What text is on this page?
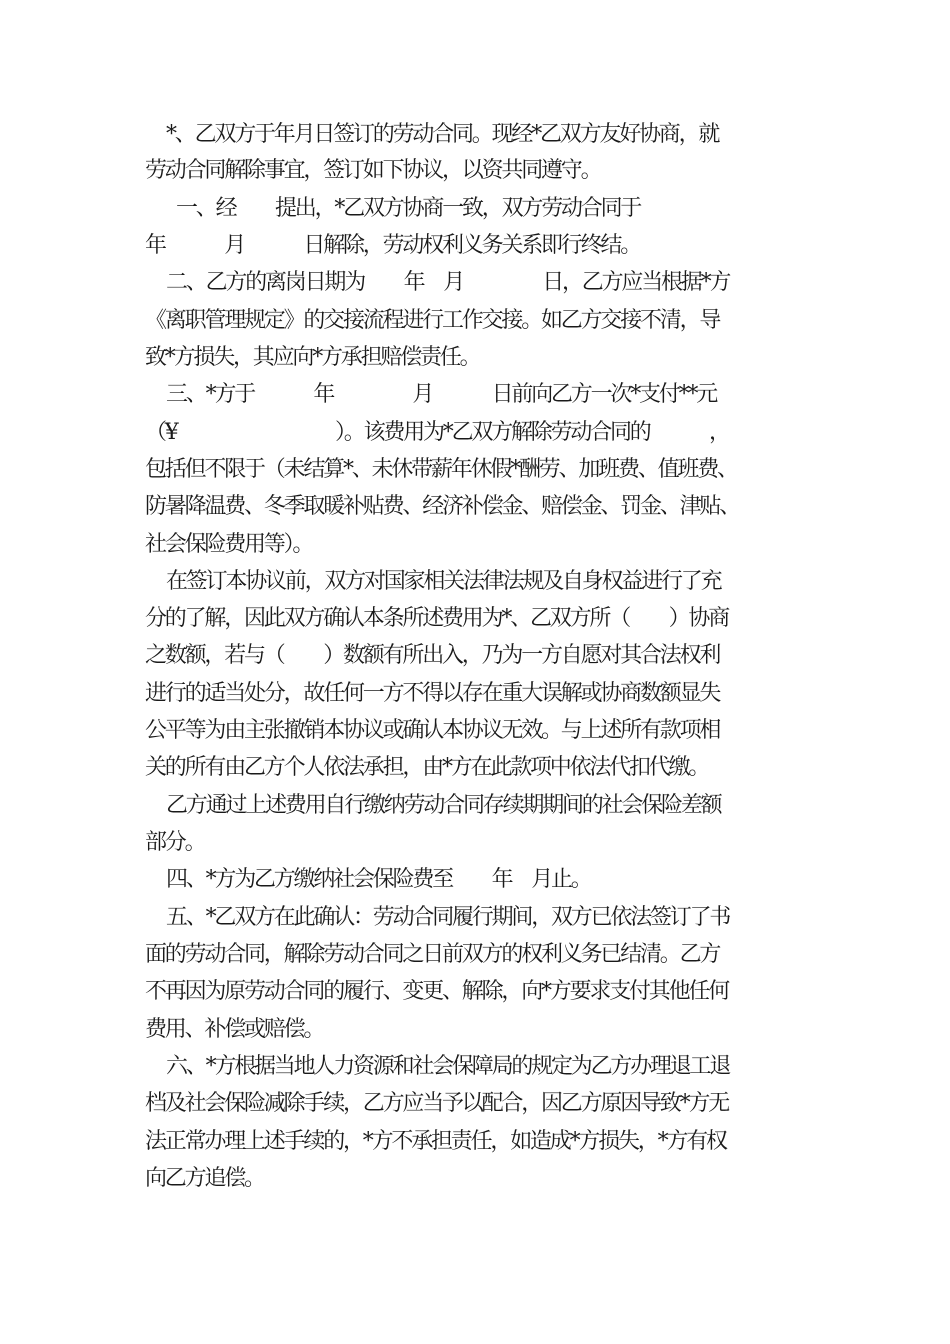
*、乙双方于年月日签订的劳动合同。现经*乙双方友好协商，就
劳动合同解除事宜，签订如下协议，以资共同遵守。
一、经　　提出，*乙双方协商一致，双方劳动合同于
年　　　月　　　日解除，劳动权利义务关系即行终结。
二、乙方的离岗日期为　　年　月　　　　日，乙方应当根据*方
《离职管理规定》的交接流程进行工作交接。如乙方交接不清，导
致*方损失，其应向*方承担赔偿责任。
三、*方于　　　年　　　　月　　　日前向乙方一次*支付**元
（¥　　　　　　　　）。该费用为*乙双方解除劳动合同的　　　，
包括但不限于（未结算*、未休带薪年休假*酬劳、加班费、值班费、
防暑降温费、冬季取暖补贴费、经济补偿金、赔偿金、罚金、津贴、
社会保险费用等）。
在签订本协议前，双方对国家相关法律法规及自身权益进行了充
分的了解，因此双方确认本条所述费用为*、乙双方所（　　）协商
之数额，若与（　　）数额有所出入，乃为一方自愿对其合法权利
进行的适当处分，故任何一方不得以存在重大误解或协商数额显失
公平等为由主张撤销本协议或确认本协议无效。与上述所有款项相
关的所有由乙方个人依法承担，由*方在此款项中依法代扣代缴。
乙方通过上述费用自行缴纳劳动合同存续期期间的社会保险差额
部分。
四、*方为乙方缴纳社会保险费至　　年　月止。
五、*乙双方在此确认：劳动合同履行期间，双方已依法签订了书
面的劳动合同，解除劳动合同之日前双方的权利义务已结清。乙方
不再因为原劳动合同的履行、变更、解除，向*方要求支付其他任何
费用、补偿或赔偿。
六、*方根据当地人力资源和社会保障局的规定为乙方办理退工退
档及社会保险减除手续，乙方应当予以配合，因乙方原因导致*方无
法正常办理上述手续的，*方不承担责任，如造成*方损失，*方有权
向乙方追偿。
